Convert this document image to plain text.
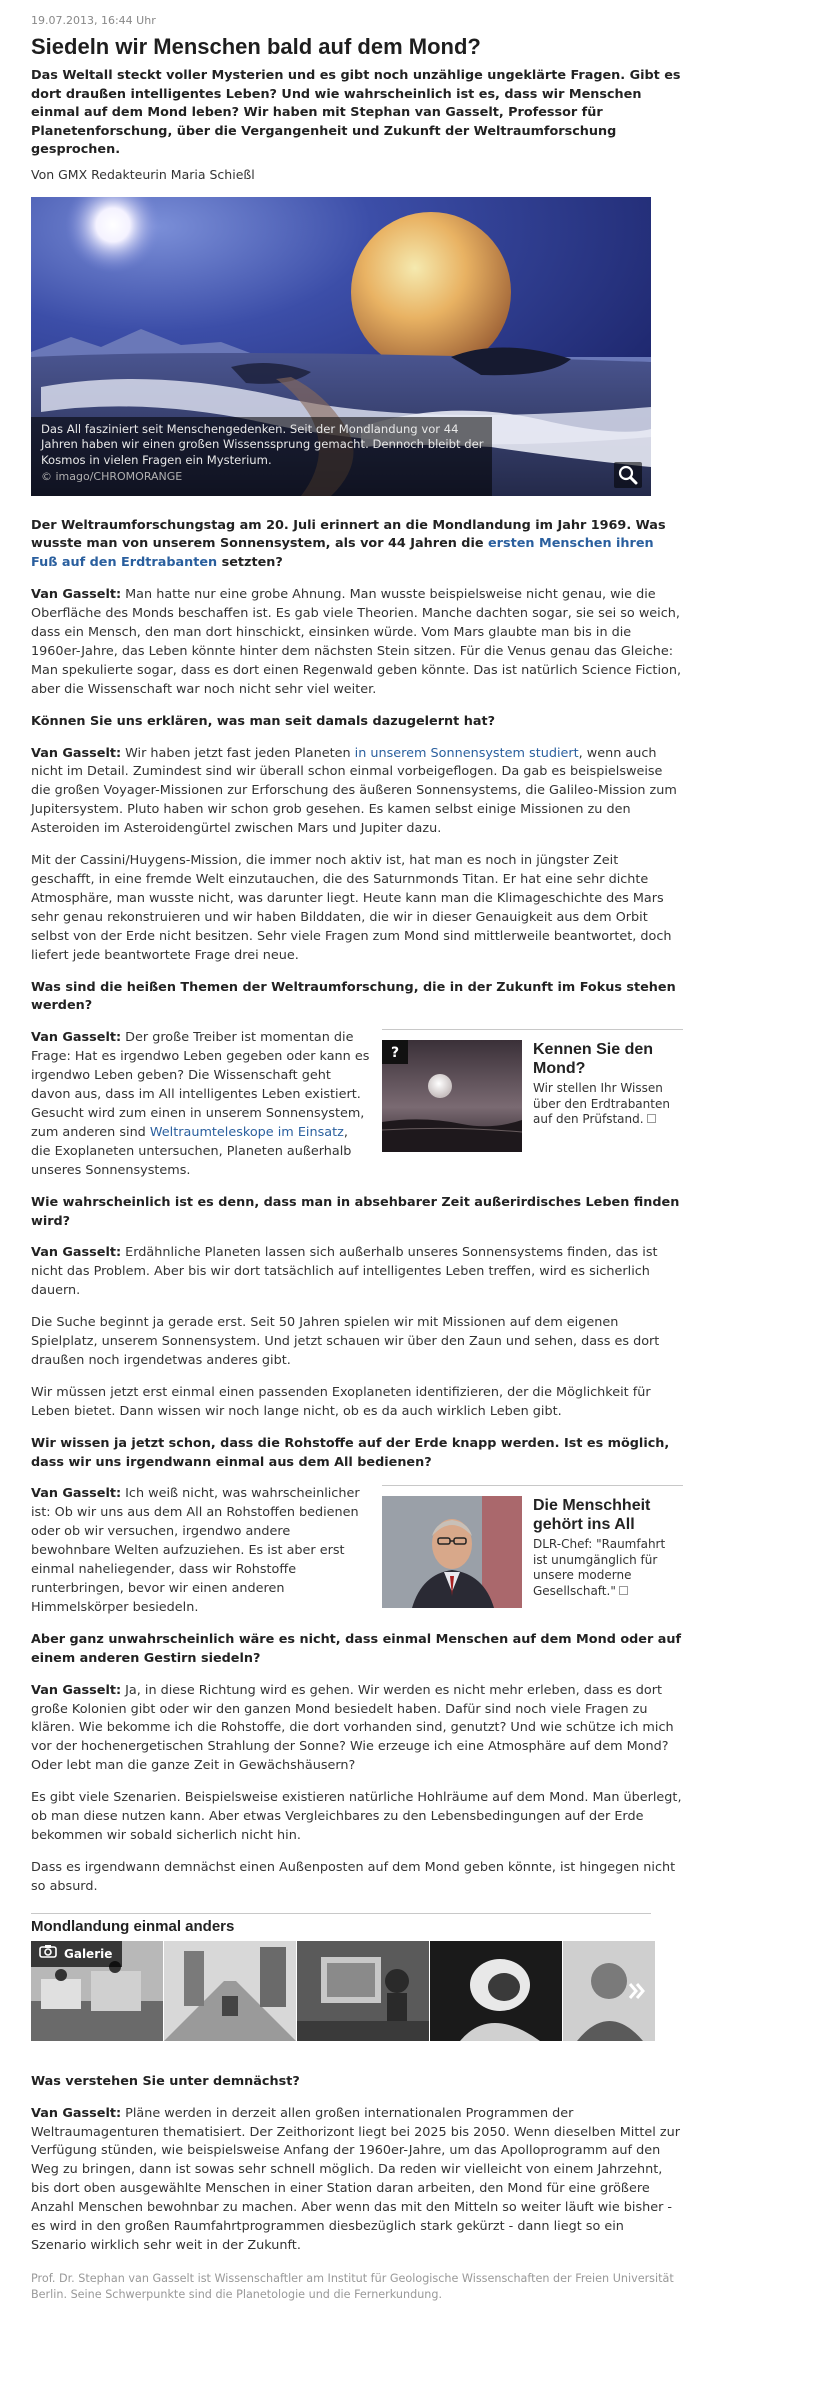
19.07.2013, 16:44 Uhr
Siedeln wir Menschen bald auf dem Mond?
Das Weltall steckt voller Mysterien und es gibt noch unzählige ungeklärte Fragen. Gibt es dort draußen intelligentes Leben? Und wie wahrscheinlich ist es, dass wir Menschen einmal auf dem Mond leben? Wir haben mit Stephan van Gasselt, Professor für Planetenforschung, über die Vergangenheit und Zukunft der Weltraumforschung gesprochen.
Von GMX Redakteurin Maria Schießl
Das All fasziniert seit Menschengedenken. Seit der Mondlandung vor 44 Jahren haben wir einen großen Wissenssprung gemacht. Dennoch bleibt der Kosmos in vielen Fragen ein Mysterium.
© imago/CHROMORANGE
Der Weltraumforschungstag am 20. Juli erinnert an die Mondlandung im Jahr 1969. Was wusste man von unserem Sonnensystem, als vor 44 Jahren die ersten Menschen ihren Fuß auf den Erdtrabanten setzten?
Van Gasselt: Man hatte nur eine grobe Ahnung. Man wusste beispielsweise nicht genau, wie die Oberfläche des Monds beschaffen ist. Es gab viele Theorien. Manche dachten sogar, sie sei so weich, dass ein Mensch, den man dort hinschickt, einsinken würde. Vom Mars glaubte man bis in die 1960er-Jahre, das Leben könnte hinter dem nächsten Stein sitzen. Für die Venus genau das Gleiche: Man spekulierte sogar, dass es dort einen Regenwald geben könnte. Das ist natürlich Science Fiction, aber die Wissenschaft war noch nicht sehr viel weiter.
Können Sie uns erklären, was man seit damals dazugelernt hat?
Van Gasselt: Wir haben jetzt fast jeden Planeten in unserem Sonnensystem studiert, wenn auch nicht im Detail. Zumindest sind wir überall schon einmal vorbeigeflogen. Da gab es beispielsweise die großen Voyager-Missionen zur Erforschung des äußeren Sonnensystems, die Galileo-Mission zum Jupitersystem. Pluto haben wir schon grob gesehen. Es kamen selbst einige Missionen zu den Asteroiden im Asteroidengürtel zwischen Mars und Jupiter dazu.
Mit der Cassini/Huygens-Mission, die immer noch aktiv ist, hat man es noch in jüngster Zeit geschafft, in eine fremde Welt einzutauchen, die des Saturnmonds Titan. Er hat eine sehr dichte Atmosphäre, man wusste nicht, was darunter liegt. Heute kann man die Klimageschichte des Mars sehr genau rekonstruieren und wir haben Bilddaten, die wir in dieser Genauigkeit aus dem Orbit selbst von der Erde nicht besitzen. Sehr viele Fragen zum Mond sind mittlerweile beantwortet, doch liefert jede beantwortete Frage drei neue.
Was sind die heißen Themen der Weltraumforschung, die in der Zukunft im Fokus stehen werden?
?	Kennen Sie den Mond?
Wir stellen Ihr Wissen über den Erdtrabanten auf den Prüfstand.
Van Gasselt: Der große Treiber ist momentan die Frage: Hat es irgendwo Leben gegeben oder kann es irgendwo Leben geben? Die Wissenschaft geht davon aus, dass im All intelligentes Leben existiert. Gesucht wird zum einen in unserem Sonnensystem, zum anderen sind Weltraumteleskope im Einsatz, die Exoplaneten untersuchen, Planeten außerhalb unseres Sonnensystems.
Wie wahrscheinlich ist es denn, dass man in absehbarer Zeit außerirdisches Leben finden wird?
Van Gasselt: Erdähnliche Planeten lassen sich außerhalb unseres Sonnensystems finden, das ist nicht das Problem. Aber bis wir dort tatsächlich auf intelligentes Leben treffen, wird es sicherlich dauern.
Die Suche beginnt ja gerade erst. Seit 50 Jahren spielen wir mit Missionen auf dem eigenen Spielplatz, unserem Sonnensystem. Und jetzt schauen wir über den Zaun und sehen, dass es dort draußen noch irgendetwas anderes gibt.
Wir müssen jetzt erst einmal einen passenden Exoplaneten identifizieren, der die Möglichkeit für Leben bietet. Dann wissen wir noch lange nicht, ob es da auch wirklich Leben gibt.
Wir wissen ja jetzt schon, dass die Rohstoffe auf der Erde knapp werden. Ist es möglich, dass wir uns irgendwann einmal aus dem All bedienen?
Die Menschheit gehört ins All
DLR-Chef: "Raumfahrt ist unumgänglich für unsere moderne Gesellschaft."
Van Gasselt: Ich weiß nicht, was wahrscheinlicher ist: Ob wir uns aus dem All an Rohstoffen bedienen oder ob wir versuchen, irgendwo andere bewohnbare Welten aufzuziehen. Es ist aber erst einmal naheliegender, dass wir Rohstoffe runterbringen, bevor wir einen anderen Himmelskörper besiedeln.
Aber ganz unwahrscheinlich wäre es nicht, dass einmal Menschen auf dem Mond oder auf einem anderen Gestirn siedeln?
Van Gasselt: Ja, in diese Richtung wird es gehen. Wir werden es nicht mehr erleben, dass es dort große Kolonien gibt oder wir den ganzen Mond besiedelt haben. Dafür sind noch viele Fragen zu klären. Wie bekomme ich die Rohstoffe, die dort vorhanden sind, genutzt? Und wie schütze ich mich vor der hochenergetischen Strahlung der Sonne? Wie erzeuge ich eine Atmosphäre auf dem Mond? Oder lebt man die ganze Zeit in Gewächshäusern?
Es gibt viele Szenarien. Beispielsweise existieren natürliche Hohlräume auf dem Mond. Man überlegt, ob man diese nutzen kann. Aber etwas Vergleichbares zu den Lebensbedingungen auf der Erde bekommen wir sobald sicherlich nicht hin.
Dass es irgendwann demnächst einen Außenposten auf dem Mond geben könnte, ist hingegen nicht so absurd.
Mondlandung einmal anders
Galerie
Was verstehen Sie unter demnächst?
Van Gasselt: Pläne werden in derzeit allen großen internationalen Programmen der Weltraumagenturen thematisiert. Der Zeithorizont liegt bei 2025 bis 2050. Wenn dieselben Mittel zur Verfügung stünden, wie beispielsweise Anfang der 1960er-Jahre, um das Apolloprogramm auf den Weg zu bringen, dann ist sowas sehr schnell möglich. Da reden wir vielleicht von einem Jahrzehnt, bis dort oben ausgewählte Menschen in einer Station daran arbeiten, den Mond für eine größere Anzahl Menschen bewohnbar zu machen. Aber wenn das mit den Mitteln so weiter läuft wie bisher - es wird in den großen Raumfahrtprogrammen diesbezüglich stark gekürzt - dann liegt so ein Szenario wirklich sehr weit in der Zukunft.
Prof. Dr. Stephan van Gasselt ist Wissenschaftler am Institut für Geologische Wissenschaften der Freien Universität Berlin. Seine Schwerpunkte sind die Planetologie und die Fernerkundung.
